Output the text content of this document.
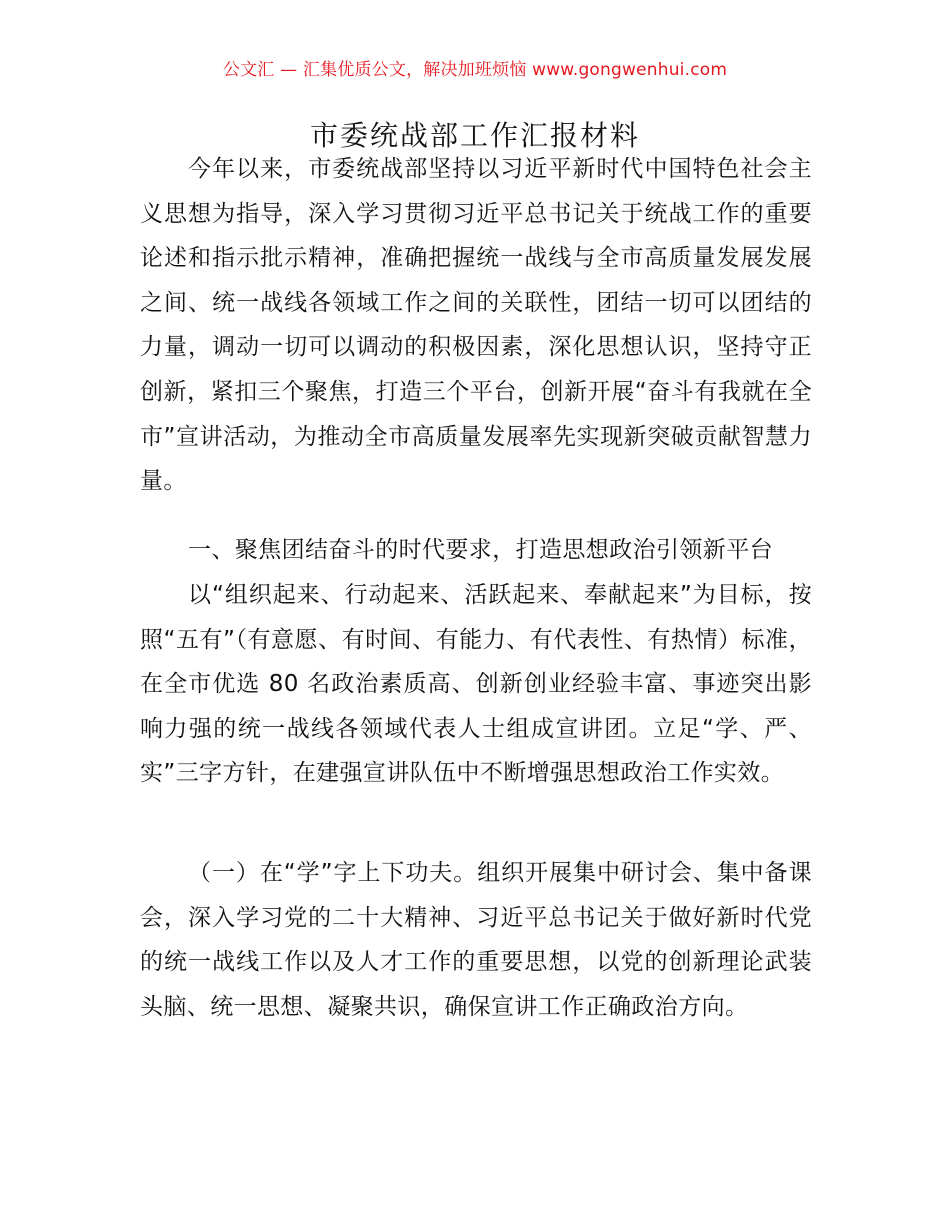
公文汇 — 汇集优质公文，解决加班烦恼 www.gongwenhui.com
市委统战部工作汇报材料

今年以来，市委统战部坚持以习近平新时代中国特色社会主义思想为指导，深入学习贯彻习近平总书记关于统战工作的重要论述和指示批示精神，准确把握统一战线与全市高质量发展发展之间、统一战线各领域工作之间的关联性，团结一切可以团结的力量，调动一切可以调动的积极因素，深化思想认识，坚持守正创新，紧扣三个聚焦，打造三个平台，创新开展“奋斗有我就在全市”宣讲活动，为推动全市高质量发展率先实现新突破贡献智慧力量。

一、聚焦团结奋斗的时代要求，打造思想政治引领新平台

以“组织起来、行动起来、活跃起来、奉献起来”为目标，按照“五有”（有意愿、有时间、有能力、有代表性、有热情）标准，在全市优选 80 名政治素质高、创新创业经验丰富、事迹突出影响力强的统一战线各领域代表人士组成宣讲团。立足“学、严、实”三字方针，在建强宣讲队伍中不断增强思想政治工作实效。

（一）在“学”字上下功夫。组织开展集中研讨会、集中备课会，深入学习党的二十大精神、习近平总书记关于做好新时代党的统一战线工作以及人才工作的重要思想，以党的创新理论武装头脑、统一思想、凝聚共识，确保宣讲工作正确政治方向。
